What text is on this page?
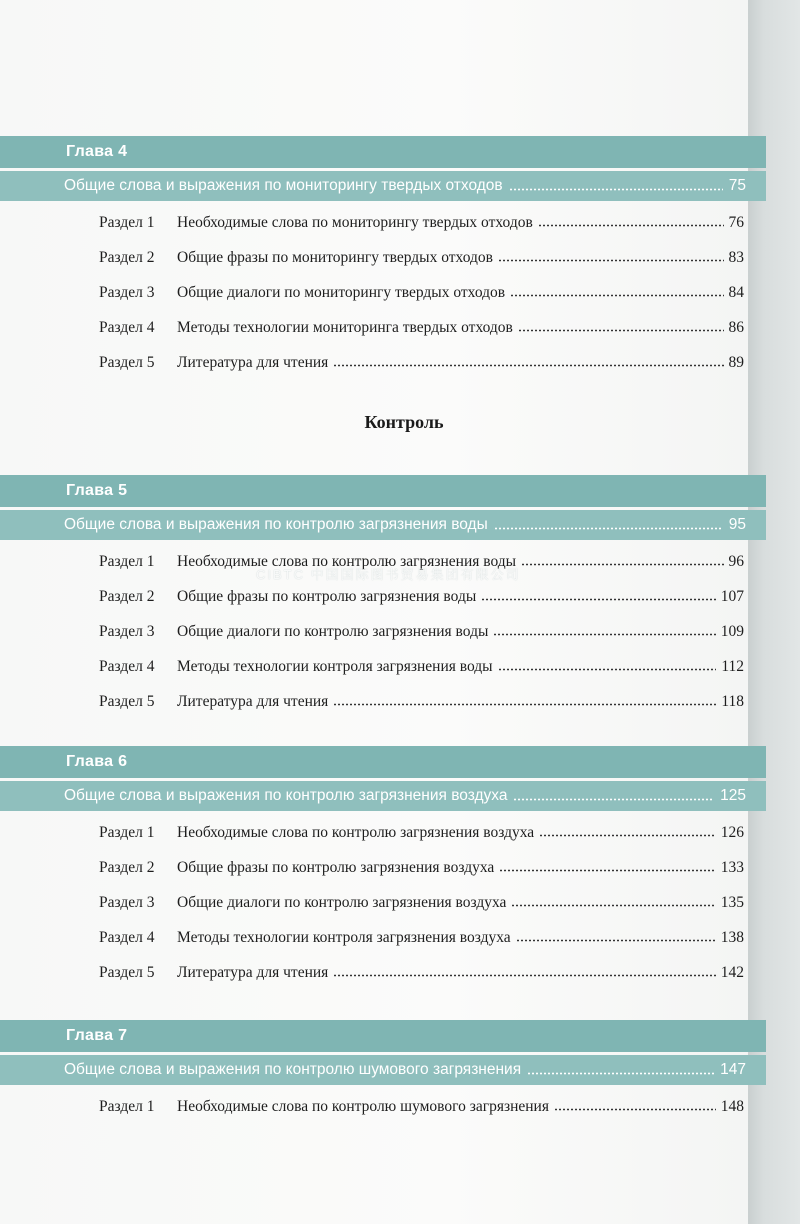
Глава 4
Общие слова и выражения по мониторингу твердых отходов	75
Раздел 1	Необходимые слова по мониторингу твердых отходов	76
Раздел 2	Общие фразы по мониторингу твердых отходов	83
Раздел 3	Общие диалоги по мониторингу твердых отходов	84
Раздел 4	Методы технологии мониторинга твердых отходов	86
Раздел 5	Литература для чтения	89
Контроль
Глава 5
Общие слова и выражения по контролю загрязнения воды	95
Раздел 1	Необходимые слова по контролю загрязнения воды	96
Раздел 2	Общие фразы по контролю загрязнения воды	107
Раздел 3	Общие диалоги по контролю загрязнения воды	109
Раздел 4	Методы технологии контроля загрязнения воды	112
Раздел 5	Литература для чтения	118
CIBTC 中国国际图书贸易集团有限公司
Глава 6
Общие слова и выражения по контролю загрязнения воздуха	125
Раздел 1	Необходимые слова по контролю загрязнения воздуха	126
Раздел 2	Общие фразы по контролю загрязнения воздуха	133
Раздел 3	Общие диалоги по контролю загрязнения воздуха	135
Раздел 4	Методы технологии контроля загрязнения воздуха	138
Раздел 5	Литература для чтения	142
Глава 7
Общие слова и выражения по контролю шумового загрязнения	147
Раздел 1	Необходимые слова по контролю шумового загрязнения	148
